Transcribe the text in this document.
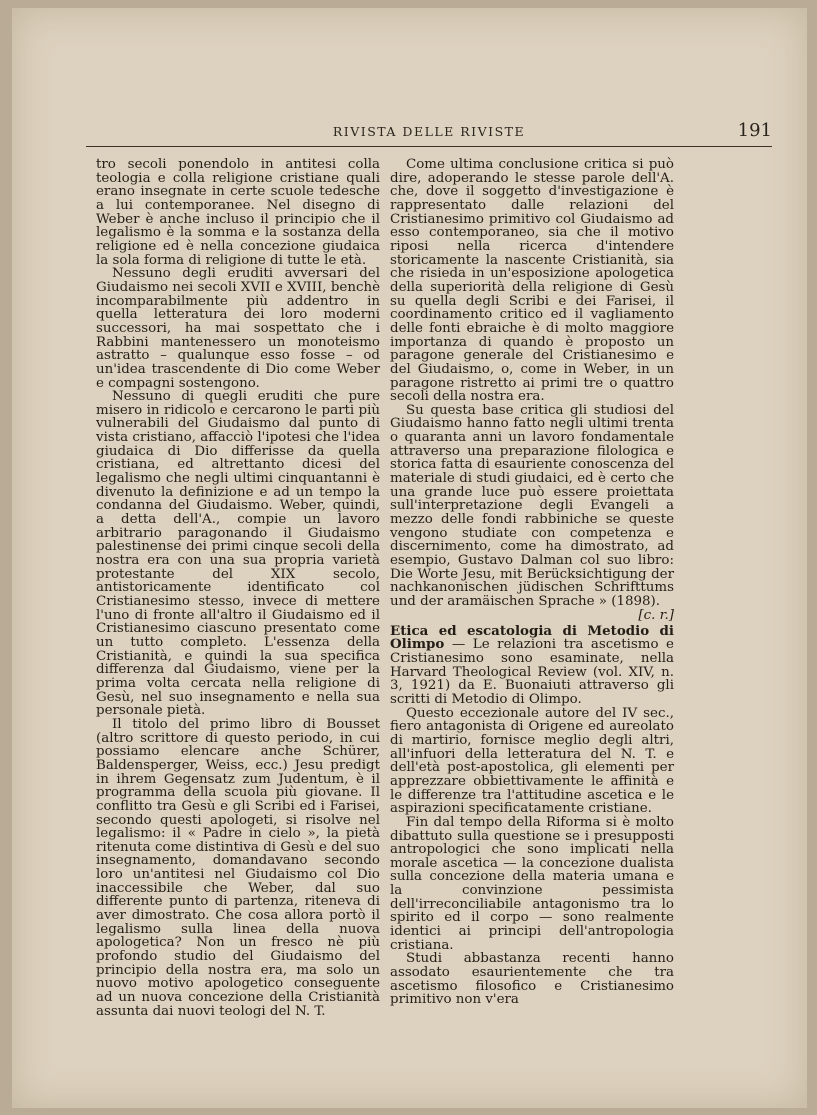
RIVISTA DELLE RIVISTE	191

tro secoli ponendolo in antitesi colla teologia e colla religione cristiane quali erano insegnate in certe scuole tedesche a lui contemporanee. Nel disegno di Weber è anche incluso il principio che il legalismo è la somma e la sostanza della religione ed è nella concezione giudaica la sola forma di religione di tutte le età.

Nessuno degli eruditi avversari del Giudaismo nei secoli XVII e XVIII, benchè incomparabilmente più addentro in quella letteratura dei loro moderni successori, ha mai sospettato che i Rabbini mantenessero un monoteismo astratto – qualunque esso fosse – od un'idea trascendente di Dio come Weber e compagni sostengono.

Nessuno di quegli eruditi che pure misero in ridicolo e cercarono le parti più vulnerabili del Giudaismo dal punto di vista cristiano, affacciò l'ipotesi che l'idea giudaica di Dio differisse da quella cristiana, ed altrettanto dicesi del legalismo che negli ultimi cinquantanni è divenuto la definizione e ad un tempo la condanna del Giudaismo. Weber, quindi, a detta dell'A., compie un lavoro arbitrario paragonando il Giudaismo palestinense dei primi cinque secoli della nostra era con una sua propria varietà protestante del XIX secolo, antistoricamente identificato col Cristianesimo stesso, invece di mettere l'uno di fronte all'altro il Giudaismo ed il Cristianesimo ciascuno presentato come un tutto completo. L'essenza della Cristianità, e quindi la sua specifica differenza dal Giudaismo, viene per la prima volta cercata nella religione di Gesù, nel suo insegnamento e nella sua personale pietà.

Il titolo del primo libro di Bousset (altro scrittore di questo periodo, in cui possiamo elencare anche Schürer, Baldensperger, Weiss, ecc.) Jesu predigt in ihrem Gegensatz zum Judentum, è il programma della scuola più giovane. Il conflitto tra Gesù e gli Scribi ed i Farisei, secondo questi apologeti, si risolve nel legalismo: il « Padre in cielo », la pietà ritenuta come distintiva di Gesù e del suo insegnamento, domandavano secondo loro un'antitesi nel Giudaismo col Dio inaccessibile che Weber, dal suo differente punto di partenza, riteneva di aver dimostrato. Che cosa allora portò il legalismo sulla linea della nuova apologetica? Non un fresco nè più profondo studio del Giudaismo del principio della nostra era, ma solo un nuovo motivo apologetico conseguente ad un nuova concezione della Cristianità assunta dai nuovi teologi del N. T.

Come ultima conclusione critica si può dire, adoperando le stesse parole dell'A. che, dove il soggetto d'investigazione è rappresentato dalle relazioni del Cristianesimo primitivo col Giudaismo ad esso contemporaneo, sia che il motivo riposi nella ricerca d'intendere storicamente la nascente Cristianità, sia che risieda in un'esposizione apologetica della superiorità della religione di Gesù su quella degli Scribi e dei Farisei, il coordinamento critico ed il vagliamento delle fonti ebraiche è di molto maggiore importanza di quando è proposto un paragone generale del Cristianesimo e del Giudaismo, o, come in Weber, in un paragone ristretto ai primi tre o quattro secoli della nostra era.

Su questa base critica gli studiosi del Giudaismo hanno fatto negli ultimi trenta o quaranta anni un lavoro fondamentale attraverso una preparazione filologica e storica fatta di esauriente conoscenza del materiale di studi giudaici, ed è certo che una grande luce può essere proiettata sull'interpretazione degli Evangeli a mezzo delle fondi rabbiniche se queste vengono studiate con competenza e discernimento, come ha dimostrato, ad esempio, Gustavo Dalman col suo libro: Die Worte Jesu, mit Berücksichtigung der nachkanonischen jüdischen Schrifttums und der aramäischen Sprache » (1898).
[c. r.]

Etica ed escatologia di Metodio di Olimpo — Le relazioni tra ascetismo e Cristianesimo sono esaminate, nella Harvard Theological Review (vol. XIV, n. 3, 1921) da E. Buonaiuti attraverso gli scritti di Metodio di Olimpo.

Questo eccezionale autore del IV sec., fiero antagonista di Origene ed aureolato di martirio, fornisce meglio degli altri, all'infuori della letteratura del N. T. e dell'età post-apostolica, gli elementi per apprezzare obbiettivamente le affinità e le differenze tra l'attitudine ascetica e le aspirazioni specificatamente cristiane.

Fin dal tempo della Riforma si è molto dibattuto sulla questione se i presupposti antropologici che sono implicati nella morale ascetica — la concezione dualista sulla concezione della materia umana e la convinzione pessimista dell'irreconciliabile antagonismo tra lo spirito ed il corpo — sono realmente identici ai principi dell'antropologia cristiana.

Studi abbastanza recenti hanno assodato esaurientemente che tra ascetismo filosofico e Cristianesimo primitivo non v'era
